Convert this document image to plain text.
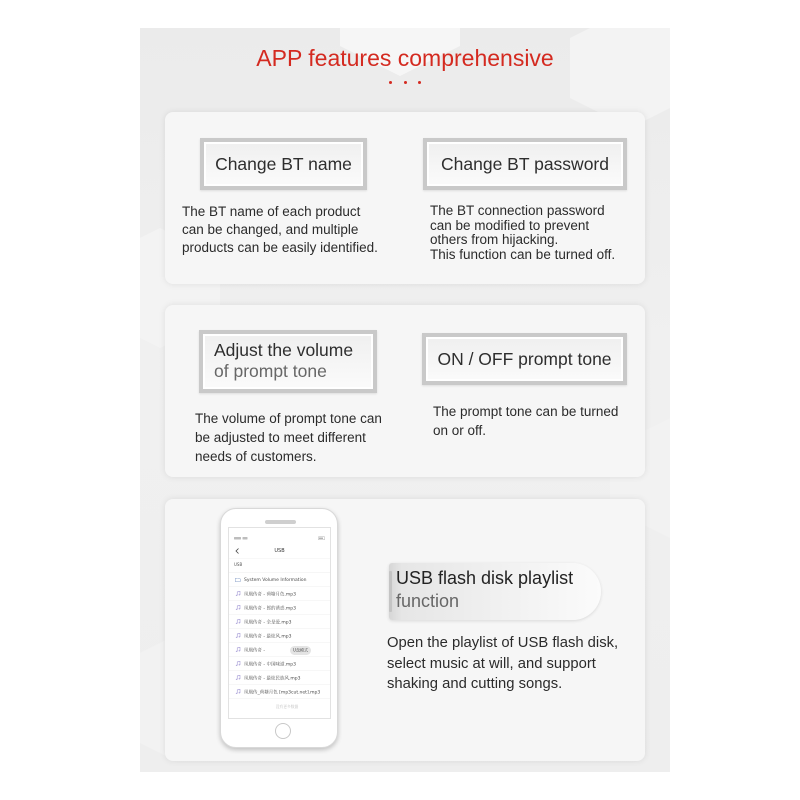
APP features comprehensive
Change BT name	Change BT password
The BT name of each product
can be changed, and multiple
products can be easily identified.
The BT connection password
can be modified to prevent
others from hijacking.
This function can be turned off.
Adjust the volume
of prompt tone
ON / OFF prompt tone
The volume of prompt tone can
be adjusted to meet different
needs of customers.
The prompt tone can be turned
on or off.
USB
USB
System Volume Information
凤凰传奇 - 荷塘月色.mp3
凤凰传奇 - 郎的诱惑.mp3
凤凰传奇 - 全是爱.mp3
凤凰传奇 - 最炫风.mp3
凤凰传奇 -
凤凰传奇 - 中国味道.mp3
凤凰传奇 - 最炫民族风.mp3
凤凰传_荷塘月色 [mp3cut.net].mp3
U盘模式
没有更多数据
USB flash disk playlist
function
Open the playlist of USB flash disk,
select music at will, and support
shaking and cutting songs.
